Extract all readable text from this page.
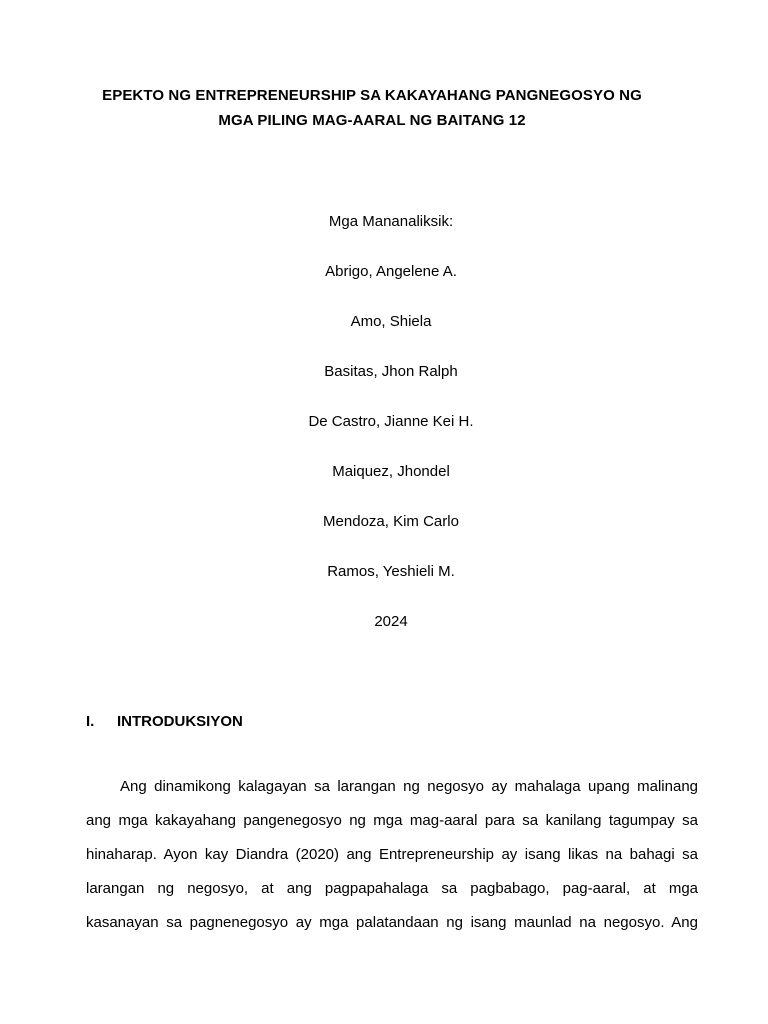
EPEKTO NG ENTREPRENEURSHIP SA KAKAYAHANG PANGNEGOSYO NG
MGA PILING MAG-AARAL NG BAITANG 12
Mga Mananaliksik:
Abrigo, Angelene A.
Amo, Shiela
Basitas, Jhon Ralph
De Castro, Jianne Kei H.
Maiquez, Jhondel
Mendoza, Kim Carlo
Ramos, Yeshieli M.
2024
I. INTRODUKSIYON
Ang dinamikong kalagayan sa larangan ng negosyo ay mahalaga upang malinang
ang mga kakayahang pangenegosyo ng mga mag-aaral para sa kanilang tagumpay sa
hinaharap. Ayon kay Diandra (2020) ang Entrepreneurship ay isang likas na bahagi sa
larangan ng negosyo, at ang pagpapahalaga sa pagbabago, pag-aaral, at mga
kasanayan sa pagnenegosyo ay mga palatandaan ng isang maunlad na negosyo. Ang
